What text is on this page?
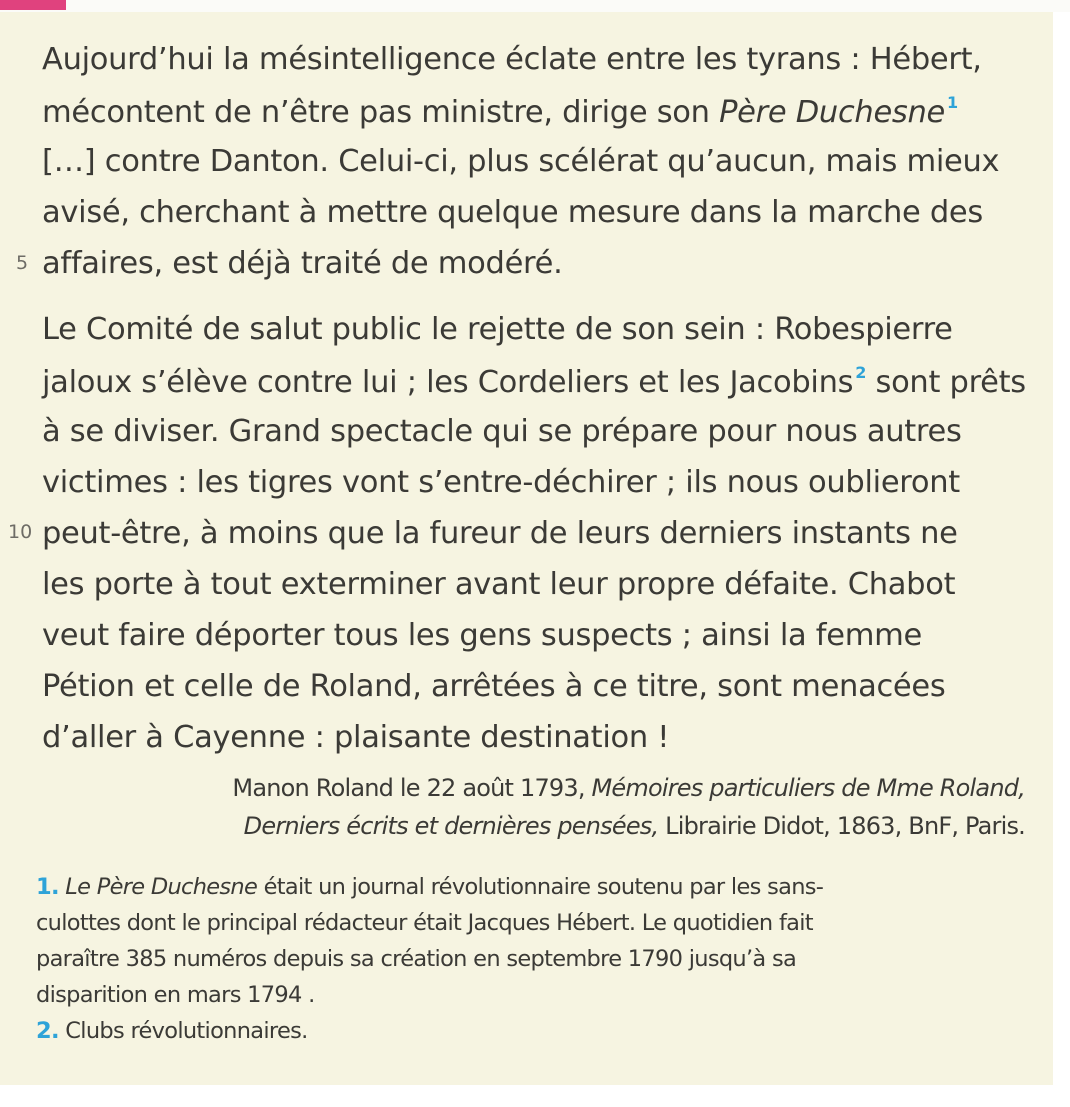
Aujourd’hui la mésintelligence éclate entre les tyrans : Hébert,
mécontent de n’être pas ministre, dirige son Père Duchesne $^1$
[…] contre Danton. Celui-ci, plus scélérat qu’aucun, mais mieux
avisé, cherchant à mettre quelque mesure dans la marche des
5 affaires, est déjà traité de modéré.
Le Comité de salut public le rejette de son sein : Robespierre
jaloux s’élève contre lui ; les Cordeliers et les Jacobins $^2$ sont prêts
à se diviser. Grand spectacle qui se prépare pour nous autres
victimes : les tigres vont s’entre-déchirer ; ils nous oublieront
10 peut-être, à moins que la fureur de leurs derniers instants ne
les porte à tout exterminer avant leur propre défaite. Chabot
veut faire déporter tous les gens suspects ; ainsi la femme
Pétion et celle de Roland, arrêtées à ce titre, sont menacées
d’aller à Cayenne : plaisante destination !
Manon Roland le 22 août 1793, Mémoires particuliers de Mme Roland,
Derniers écrits et dernières pensées, Librairie Didot, 1863, BnF, Paris.
1. Le Père Duchesne était un journal révolutionnaire soutenu par les sans-
culottes dont le principal rédacteur était Jacques Hébert. Le quotidien fait
paraître 385 numéros depuis sa création en septembre 1790 jusqu’à sa
disparition en mars 1794 .
2. Clubs révolutionnaires.
